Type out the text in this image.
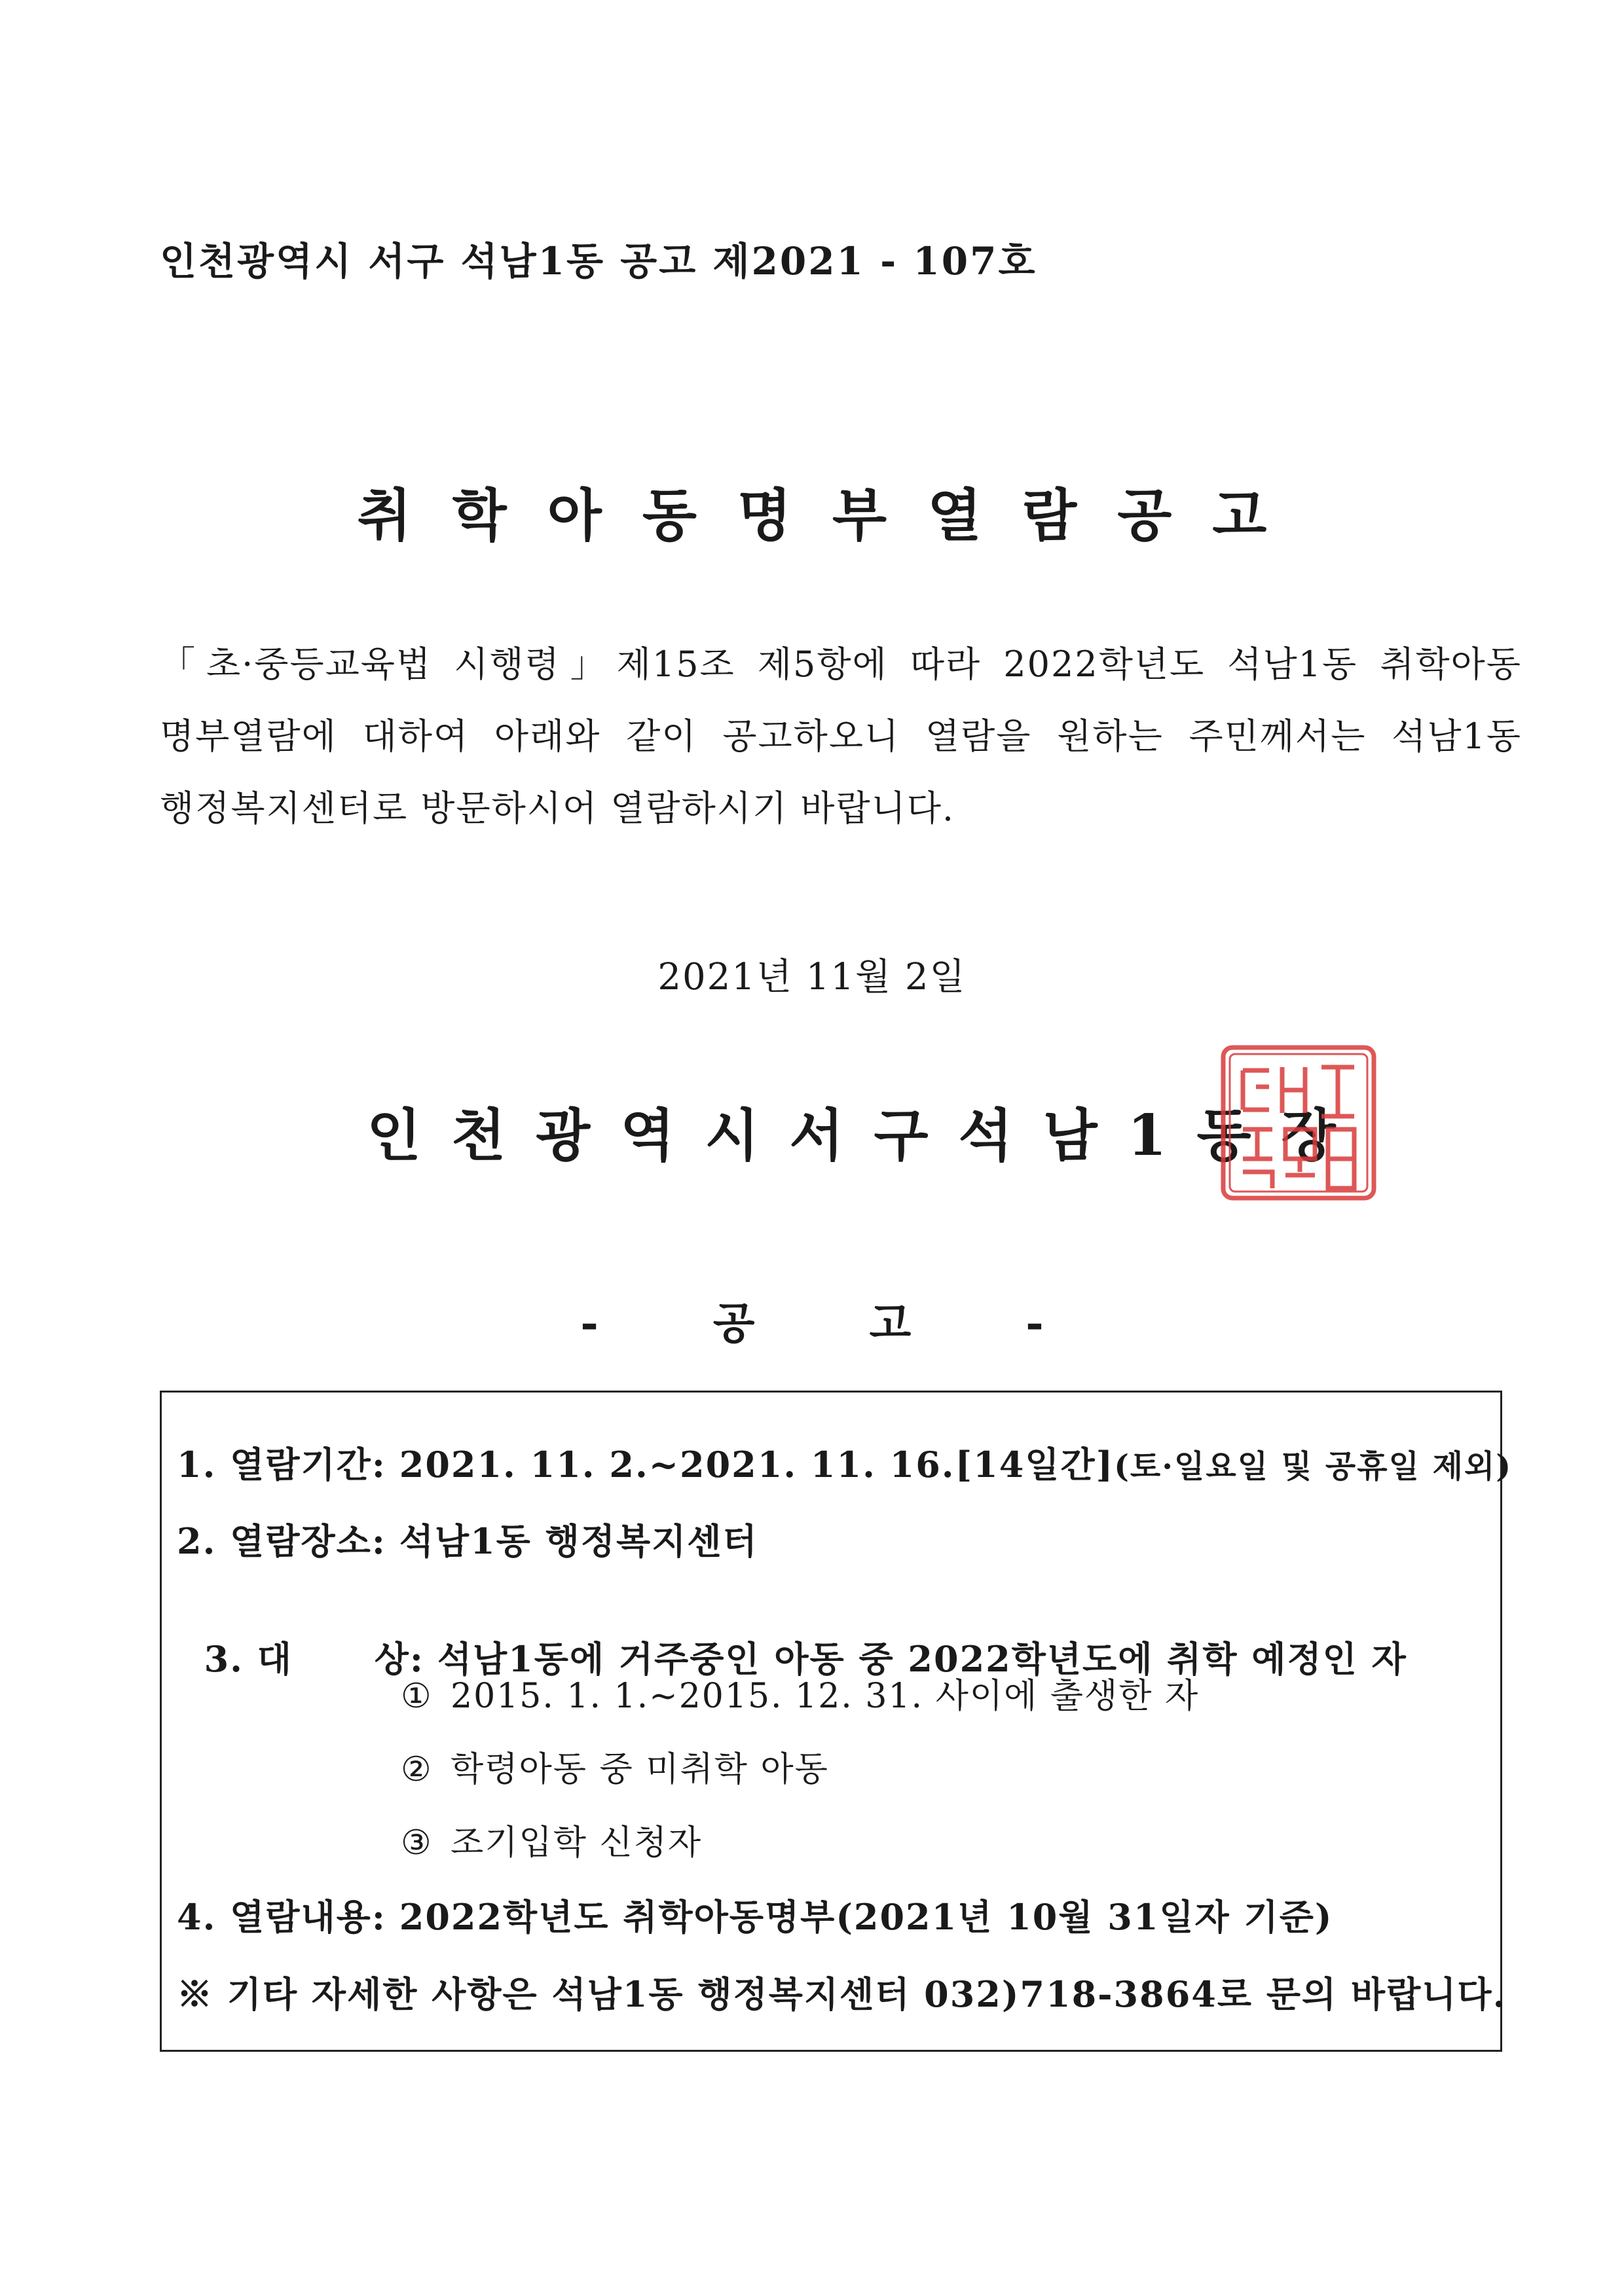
인천광역시 서구 석남1동 공고 제2021 - 107호
취학아동명부열람공고
「초·중등교육법 시행령」제15조 제5항에 따라 2022학년도 석남1동 취학아동
명부열람에 대하여 아래와 같이 공고하오니 열람을 원하는 주민께서는 석남1동
행정복지센터로 방문하시어 열람하시기 바랍니다.
2021년 11월 2일
인천광역시서구석남1동장
- 공 고 -
1. 열람기간: 2021. 11. 2.~2021. 11. 16.[14일간](토·일요일 및 공휴일 제외)
2. 열람장소: 석남1동 행정복지센터

3. 대      상: 석남1동에 거주중인 아동 중 2022학년도에 취학 예정인 자

① 2015. 1. 1.~2015. 12. 31. 사이에 출생한 자
② 학령아동 중 미취학 아동
③ 조기입학 신청자
4. 열람내용: 2022학년도 취학아동명부(2021년 10월 31일자 기준)
※ 기타 자세한 사항은 석남1동 행정복지센터 032)718-3864로 문의 바랍니다.
